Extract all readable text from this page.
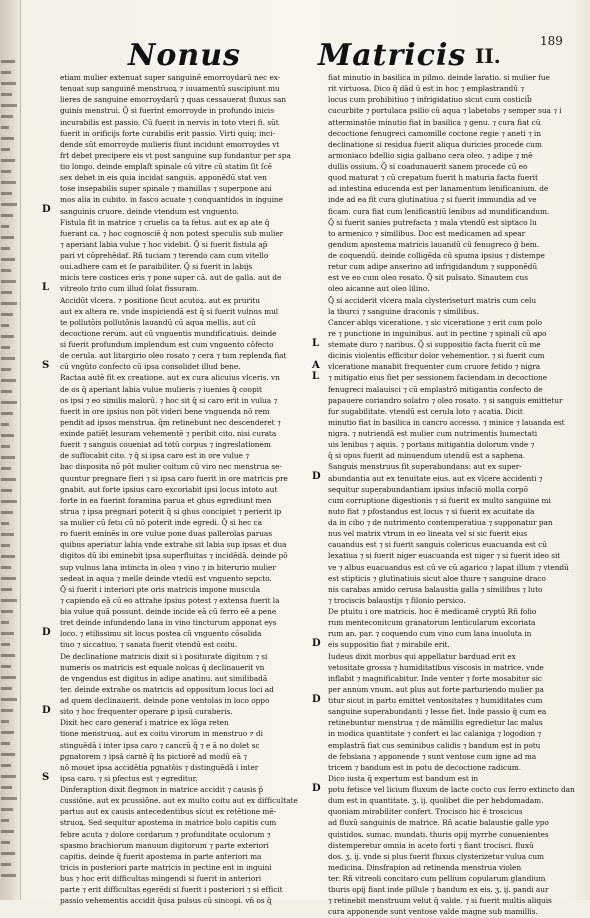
Nonus	Matricis II.
189
etiam mulier extenuat super sanguinē emorroydarū nec ex-
tenuat sup sanguinē menstruoꝝ ⁊ iuuamentū suscipiunt mu
lieres de sanguine emorroydarū ⁊ quas cessauerat fluxus san
guinis menstrui. Q̄ si fuerint emorroyde in profundo inicis
incurabilis est passio. Cū fuerit in nervis in toto vteri fi. sūt
fuerit in orificijs forte curabilis erit passio. Virti quiq; inci-
dende sūt emorroyde mulieris fiunt incidunt emorroydes vt
frt debet precipere eis vt post sanguine sup fundantur per spa
tio longo. deinde emplaſt spinale cū vitre cū statim ſit ſcē
sex debet in eis quia incidat sanguis. apponēdū stat ven
tose insepabilis super spinale ⁊ mamillas ⁊ superpone ani
mos alia in cubito. in fasco acuate ⁊ conquantidos in inguine
sanguinis cruore. deinde vtendum est vnguento.
Fistula fit in matrice ⁊ cruelis ca ta fetus. aut ex ap ate q̄
fuerant ca. ⁊ hoc cognosciē q̄ non potest speculis sub mulier
⁊ aperiant labia vulue ⁊ hoc videbit. Q̄ si fuerit fistula ap̄
pari vt cōprehēdaf. Rñ tuciam ⁊ terendo cam cum vitello
oui.adhere cam et ſe paraibiliter. Q̄ si fuerit in labijs
micis tere costices eris ⁊ pone super cā. aut de galla. aut de
vitreolo trito cum illud ſolat fissuram.
Accidūt vlcera. ⁊ positione ſicut acutoꝝ. aut ex pruritu
aut ex altera re. vnde inspiciendā est q̄ si fuerit vulnus mul
te pollutōis pollutōnis lauandū cū aqua mellis. aut cū
decoctione rerum. aut cū vnguentis mundificatiuis. deinde
si fuerit profundum implendum est cum vnguento cōfecto
de cerula. aut litargirio oleo rosato ⁊ cera ⁊ tum replenda fiat
cū vngūto confecto cū ipsa consolidet illud bene.
Ractaa autē fit ex creatione. aut ex cura alicuius vlceris. vn
de os q̄ aperiant labia vulue mulieris ⁊ iuenies q̄ coopit
os ipsi ⁊ eo similis malorū. ⁊ hoc sit q̄ si caro erit in vulua ⁊
fuerit in ore ipsius non pōt videri bene vnguenda nō rem
pendit ad ipsos menstrua. q̄m retinebunt nec descenderet ⁊
exinde patiēt lesuram vehementē ⁊ peribit cito. nisi curata
fuerit ⁊ sanguis coueniat ad totū corpus ⁊ ingreslationem
de suffocabit cito. ⁊ q̄ si ipsa caro est in ore vulue ⁊
bac disposita nō pōt mulier coitum cū viro nec menstrua se-
quuntur pregnare fieri ⁊ si ipsa caro fuerit in ore matricis pre
gnabit. aut forte ipsius caro excoriabit ipsi locus intoto aut
forte in ea fuerint foramina parua et ghus egrediunt men
strua ⁊ ipsa pregnari poterit q̄ si ghus concipiet ⁊ perierit ip
sa mulier cū fetu cū nō poterit inde egredi. Q̄ si hec ca
ro fuerit eminēs in ore vulue pone duas pallerolas paruas
quibus aperiatur labia vnde extrahe sit labia sup ipsas et dua
digitos dū ibi eminebit ipsa superfluitas ⁊ incidēdā. deinde pō
sup vulnus lana intincta in oleo ⁊ vino ⁊ in biterurio mulier
sedeat in aqua ⁊ melle deinde vtedū est vnguento sepcto.
Q̄ si fuerit i interiori pte oris matricis impone muscula
⁊ capiendo eā cū eo attrahe ipsius potest ⁊ extensa fuerit la
bia vulue quā possunt. deinde incide eā cū ferro eē a pene
tret deinde infundendo lana in vino tincturum apponat eys
loco. ⁊ etilissimu sit locus postea cū vnguento cōsolida
tiuo ⁊ siccatiuo. ⁊ sanata fuerit vtendū est coitu.
De declinatione matricis dixit si i positurate digitum ⁊ si
numeris os matricis est equale nolcas q̄ declinauerit vn
de vngendus est digitus in adipe anatinu. aut similibadā
ter. deinde extrahe os matricis ad oppositum locus loci ad
ad quem declinauerit. deinde pone ventolas in loco oppo
sito ⁊ hoc frequenter operare ꝑ ipsū curaberis.
Dixit hec caro generaf i matrice ex lōga reten
tione menstruoꝝ. aut ex coitu virorum in menstruo ⁊ di
stinguēdā i inter ipsa caro ⁊ cancrū q̄ ⁊ e ā no dolet sc
ꝑgnatorem ⁊ ipsā carnē q̄ hs pictiorē ad modū eā ⁊
nō mouet ipsa accidētia pgnatōis ⁊ distinguēdā i inter
ipsa caro. ⁊ si pfectus est ⁊ egreditur.
Dinferaption dixit flegmon in matrice accidit ⁊ causis p̄
cussiōne. aut ex pcussiōne. aut ex multo coitu aut ex difficultate
partus aut ex causis antecedentibus sicut ex retētione mē-
struoꝝ. Sed sequitur apostema in matrice bolo capitis cum
febre acuta ⁊ dolore cordarum ⁊ profunditate oculorum ⁊
spasmo brachiorum manuum digitorum ⁊ parte exteriori
capitis. deinde q̄ fuerit apostema in parte anteriori ma
tricis in posteriori parte matricis in pectine ent in inguini
bus ⁊ hoc erit difficultas mingendi si fuerit in anteriori
parte ⁊ erit difficultas egerēdi si fuerit i posteriori ⁊ si efficit
passio vehementis accidit q̄usa pulsus cū sincopi. vn̄ os q̄
fiat minutio in basilica in pilmo. deinde laratio. si mulier fue
rit virtuosa. Dico q̄ dād ū est in hoc ⁊ emplastrandū ⁊
locus cum prohibitiuo ⁊ infrigidatiuo sicut cum costicib̄
cucurbite ⁊ portulaca psilio cū aqua ⁊ labetobs ⁊ semper sua ⁊ i
atterminatōe minutio fiat in basilica ⁊ genu. ⁊ cura fiat cū
decoctione fenugreci camomille coctone regie ⁊ aneti ⁊ in
declinatione si residua fuerit aliqua duricies procede cum
armoniaco bdellio sigia galbano cera oleo. ⁊ adipe ⁊ mē
dullis ossium. Q̄ si coadunauerit sanem procede cū eo
quod maturat ⁊ cū crepatum fuerit h maturia facta fuerit
ad intestina educenda est per lanamentum lenificanium. de
inde ad ea fit cura glutinatiua ⁊ si fuerit immundia ad ve
ficam. cura fiat cum lenificantiū lenibus ad mundificandum.
Q̄ si fuerit sanies putrefacta ⁊ mala vtendū est siptaco lu
to armenico ⁊ similibus. Doc est medicamen ad spear
gendum apostema matricis lauandū cū fenugreco ḡ bem.
de coquendū. deinde colligēda cū spuma ipsius ⁊ distempe
retur cum adipe anserino ad infrigidandum ⁊ supponēdū
est ve eo cum oleo rosato. Q̄ sit pulsato. Sinautem cus
oleo aicanne aut oleo lilino.
Q̄ si acciderit vlcera mala clysteriseturt matris cum celu
la tburci ⁊ sanguine draconis ⁊ similibus.
Cancer ablqs viceratione. ⁊ sic viceratione ⁊ erit cum polo
re ⁊ punctione in inguinibus. aut in pectine ⁊ spinali cū apo
stemate duro ⁊ naribus. Q̄ si suppositio facta fuerit cū me
dicinis violentis efficitur dolor vehementior. ⁊ si fuerit cum
vlceratione manabit frequenter cum cruore fetido ⁊ nigra
⁊ mitigatio eius fiet per sessionem faciendam in decoctione
fenugreci malauisci ⁊ cū emplastrō mitigantia confecto de
papauere coriandro solatro ⁊ oleo rosato. ⁊ si sanguis emittetur
fur sugabilitate. vtendū est cerula loto ⁊ acatia. Dicit
minutio fiat in basilica in cancro accesso. ⁊ minice ⁊ lauanda est
nigra. ⁊ nutriendā est mulier cum nutrimentis humectati
uis lenibus ⁊ aquis. ⁊ portans mitigantia dolorum vnde ⁊
q̄ si opus fuerit ad minuendum utendū est a saphena.
Sanguis menstruus fit superabundans: aut ex super-
abundantia aut ex tenuitate eius. aut ex vlcere accidenti ⁊
sequitur superabundantiam ipsius infaciō molla corpō
cum corruptione digestionis ⁊ si fuerit ex multo sanguine mi
nuto fiat ⁊ pfostandus est locus ⁊ si fuerit ex acuitate da
da in cibo ⁊ de nutrimento contemperatiua ⁊ supponatur pan
nus vel matrix vtrum in eo lineata vel si sic fuerit eius
cauandus est ⁊ si fuerit sanguis colericus euacuanda est cū
lexatiua ⁊ si fuerit niger euacuanda est niger ⁊ si fuerit ideo sit
ve ⁊ albus euacuandus est cū ve cū agarico ⁊ lapat illum ⁊ vtendū
est stipticis ⁊ glutinatiuis sicut aloe thure ⁊ sanguine draco
nis carabas amido cerusa balaustia galla ⁊ similibus ⁊ luto
⁊ trociscis balaustijs ⁊ filonio persico.
De ptuitu i ore matricis. hoc ē medicamē cryptū Rñ folio
rum menteconitcum granatorum lenticularum excoriata
rum an. par. ⁊ coquendo cum vino cum lana inuoluta in
eis suppositio fiat ⁊ mirabile erit.
Iudeus dixit morbus qui appellatur barduad erit ex
vetositate grossa ⁊ humiditatibus viscosis in matrice. vnde
inflabit ⁊ magnificabitur. Inde venter ⁊ forte mosabitur sic
per annum vnum. aut plus aut forte parturiendo mulier pa
titur sicut in partu emittet ventositates ⁊ humiditates cum
sanguine superabundanti ⁊ lesse fiet. Inde passio q̄ cum ea
retinebuntur menstrua ⁊ de māmillis egredietur lac malus
in modica quantitate ⁊ confert ei lac calaniga ⁊ logodion ⁊
emplastrā fiat cus seminibus calidis ⁊ bandum est in potu
de febsiana ⁊ apponende ⁊ sunt ventose cum igne ad ma
tricem ⁊ bandum est in potu de decoctione radicum.
Dico iusta q̄ expertum est bandum est in
potu fetisce vel licium fluxum de lacte cocto cus ferro extincto dan
dum est in quantitate. ʒ. ij. quolibet die per hebdomadam.
quoniam mirabiliter confert. Trocisco hic ē troscicus
ad fluxū sanguinis de matrice. Rñ acatie balaustie galle ypo
quistidos. sumac. mundati. thuris opij myrrhe conuenientes
distemperetur omnia in aceto forti ⁊ fiant trocisci. fluxū
dos. ʒ. ij. vnde si plus fuerit fluxus clysterizetur vulua cum
medicina. Dinsfrapion ad retinenda menstrua violen
ter. Rñ vitreoli concitaro cum pellium copularum glandium
tburis opij fiant inde pillule ⁊ bandum ex eis. ʒ. ij. pandi aur
⁊ retinebit menstruum velut q̄ valde. ⁊ si fuerit multis aliquis
cura apponende sunt ventose valde magne sub mamillis.
D
L
S
D
D
S
L
A
L
D
D
D
D
